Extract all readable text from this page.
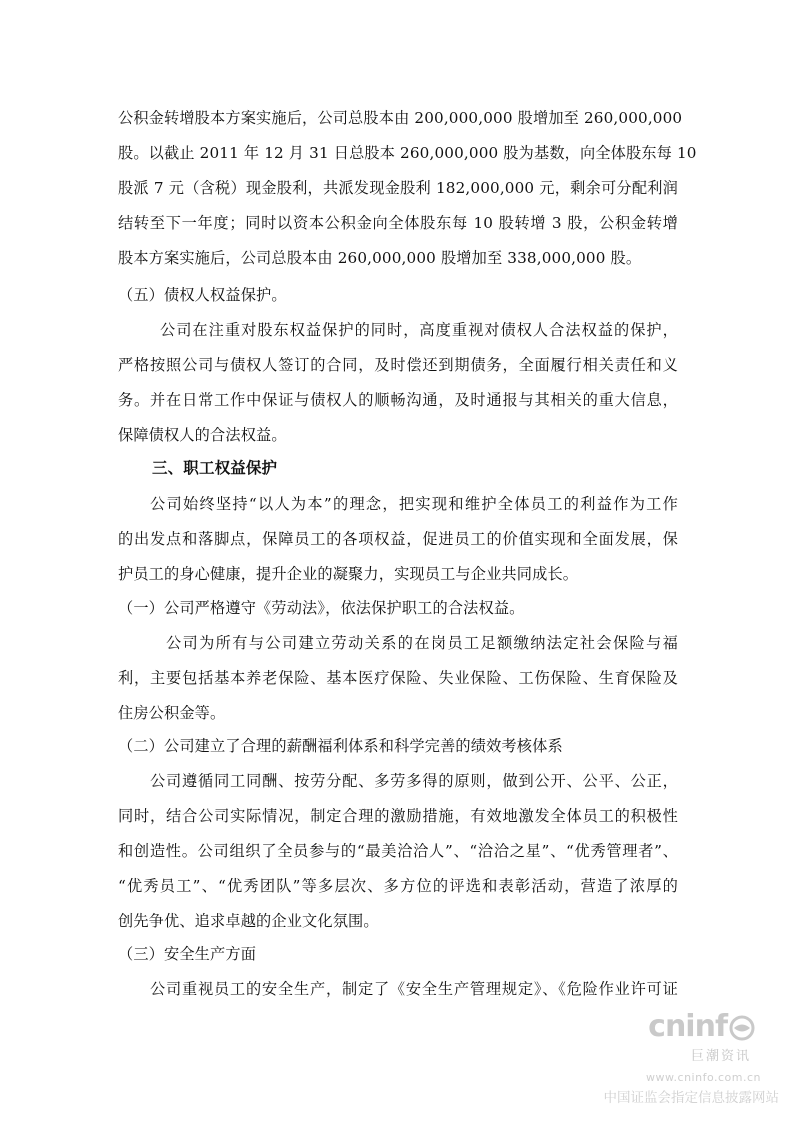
公积金转增股本方案实施后，公司总股本由 200,000,000 股增加至 260,000,000
股。以截止 2011 年 12 月 31 日总股本 260,000,000 股为基数，向全体股东每 10
股派 7 元（含税）现金股利，共派发现金股利 182,000,000 元，剩余可分配利润
结转至下一年度；同时以资本公积金向全体股东每 10 股转增 3 股，公积金转增
股本方案实施后，公司总股本由 260,000,000 股增加至 338,000,000 股。
（五）债权人权益保护。
公司在注重对股东权益保护的同时，高度重视对债权人合法权益的保护，
严格按照公司与债权人签订的合同，及时偿还到期债务，全面履行相关责任和义
务。并在日常工作中保证与债权人的顺畅沟通，及时通报与其相关的重大信息，
保障债权人的合法权益。
三、职工权益保护
公司始终坚持“以人为本”的理念，把实现和维护全体员工的利益作为工作
的出发点和落脚点，保障员工的各项权益，促进员工的价值实现和全面发展，保
护员工的身心健康，提升企业的凝聚力，实现员工与企业共同成长。
（一）公司严格遵守《劳动法》，依法保护职工的合法权益。
公司为所有与公司建立劳动关系的在岗员工足额缴纳法定社会保险与福
利，主要包括基本养老保险、基本医疗保险、失业保险、工伤保险、生育保险及
住房公积金等。
（二）公司建立了合理的薪酬福利体系和科学完善的绩效考核体系
公司遵循同工同酬、按劳分配、多劳多得的原则，做到公开、公平、公正，
同时，结合公司实际情况，制定合理的激励措施，有效地激发全体员工的积极性
和创造性。公司组织了全员参与的“最美洽洽人”、“洽洽之星”、“优秀管理者”、
“优秀员工”、“优秀团队”等多层次、多方位的评选和表彰活动，营造了浓厚的
创先争优、追求卓越的企业文化氛围。
（三）安全生产方面
公司重视员工的安全生产，制定了《安全生产管理规定》、《危险作业许可证
cninf
巨潮资讯
www.cninfo.com.cn
中国证监会指定信息披露网站
